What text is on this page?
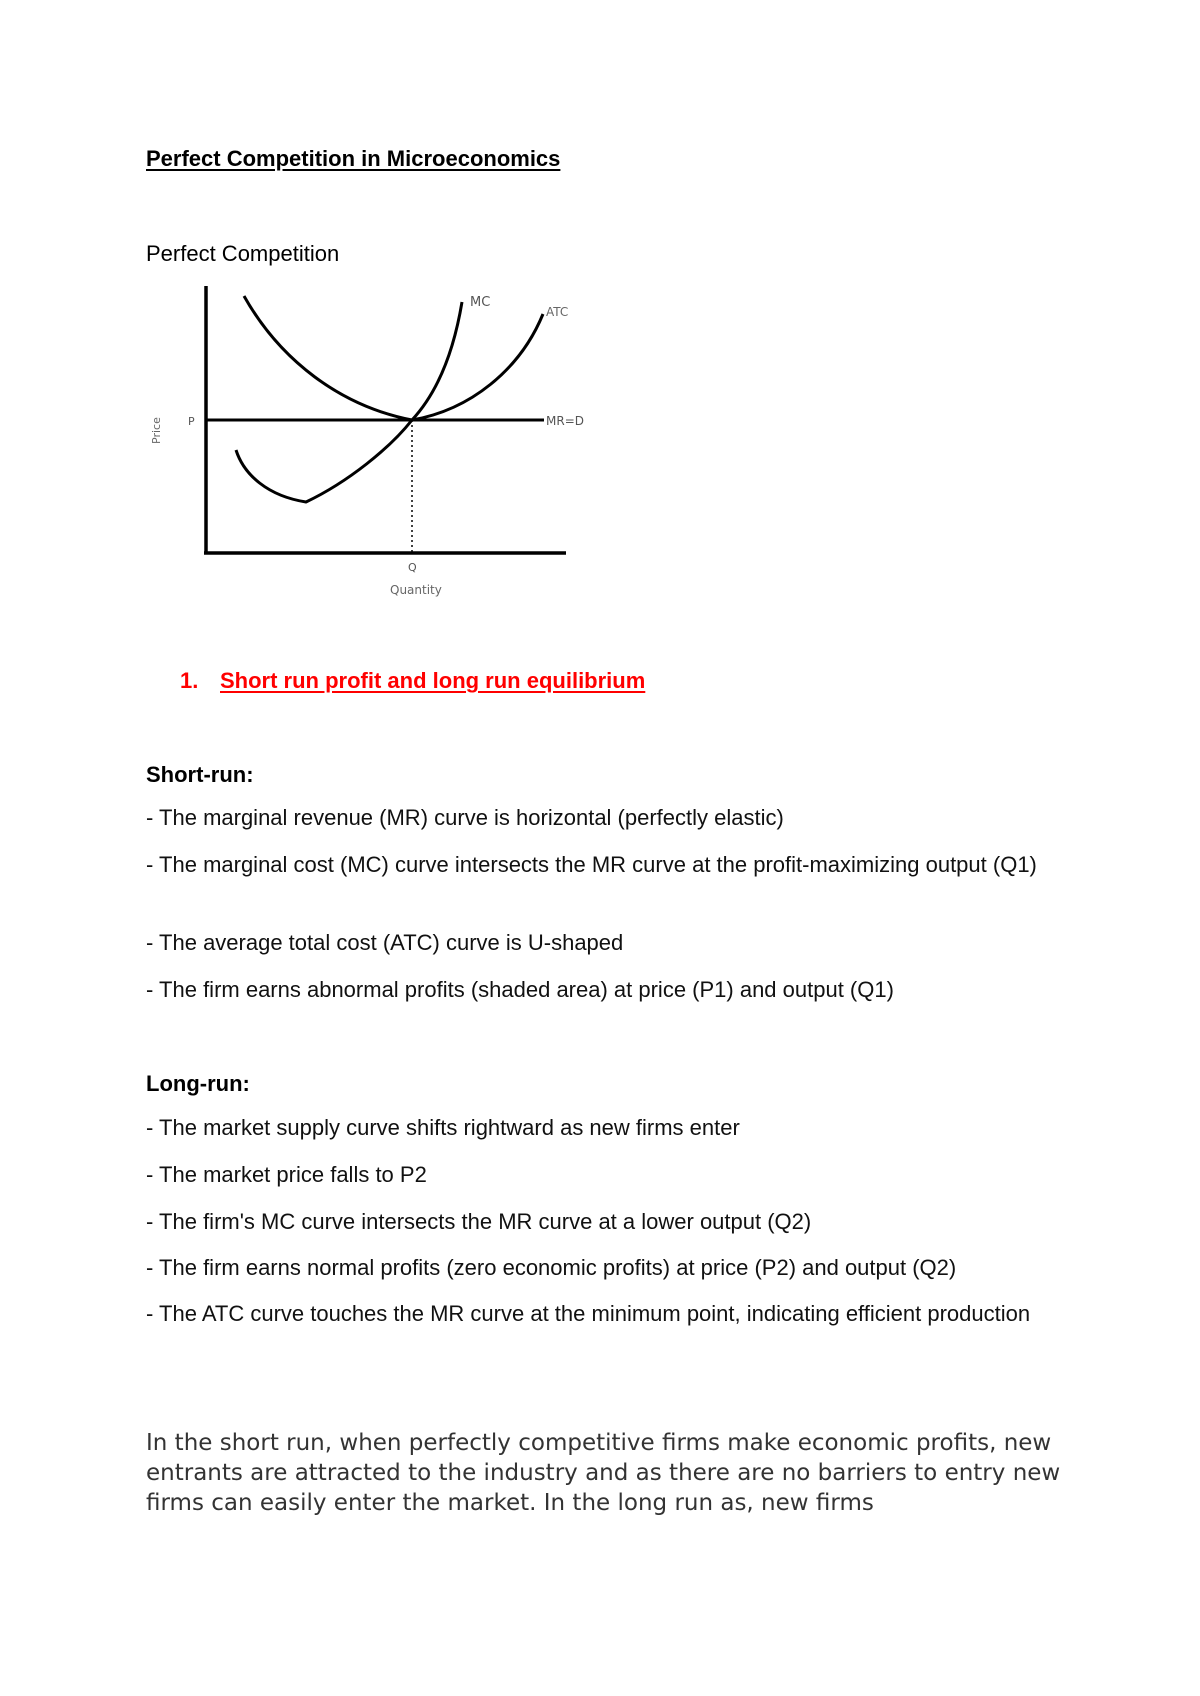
Perfect Competition in Microeconomics
Perfect Competition
MC
ATC
MR=D
P
Q
Quantity
Price
1. Short run profit and long run equilibrium
Short-run:
- The marginal revenue (MR) curve is horizontal (perfectly elastic)
- The marginal cost (MC) curve intersects the MR curve at the profit-maximizing output (Q1)
- The average total cost (ATC) curve is U-shaped
- The firm earns abnormal profits (shaded area) at price (P1) and output (Q1)
Long-run:
- The market supply curve shifts rightward as new firms enter
- The market price falls to P2
- The firm's MC curve intersects the MR curve at a lower output (Q2)
- The firm earns normal profits (zero economic profits) at price (P2) and output (Q2)
- The ATC curve touches the MR curve at the minimum point, indicating efficient production
In the short run, when perfectly competitive firms make economic profits, new entrants are attracted to the industry and as there are no barriers to entry new firms can easily enter the market. In the long run as, new firms
